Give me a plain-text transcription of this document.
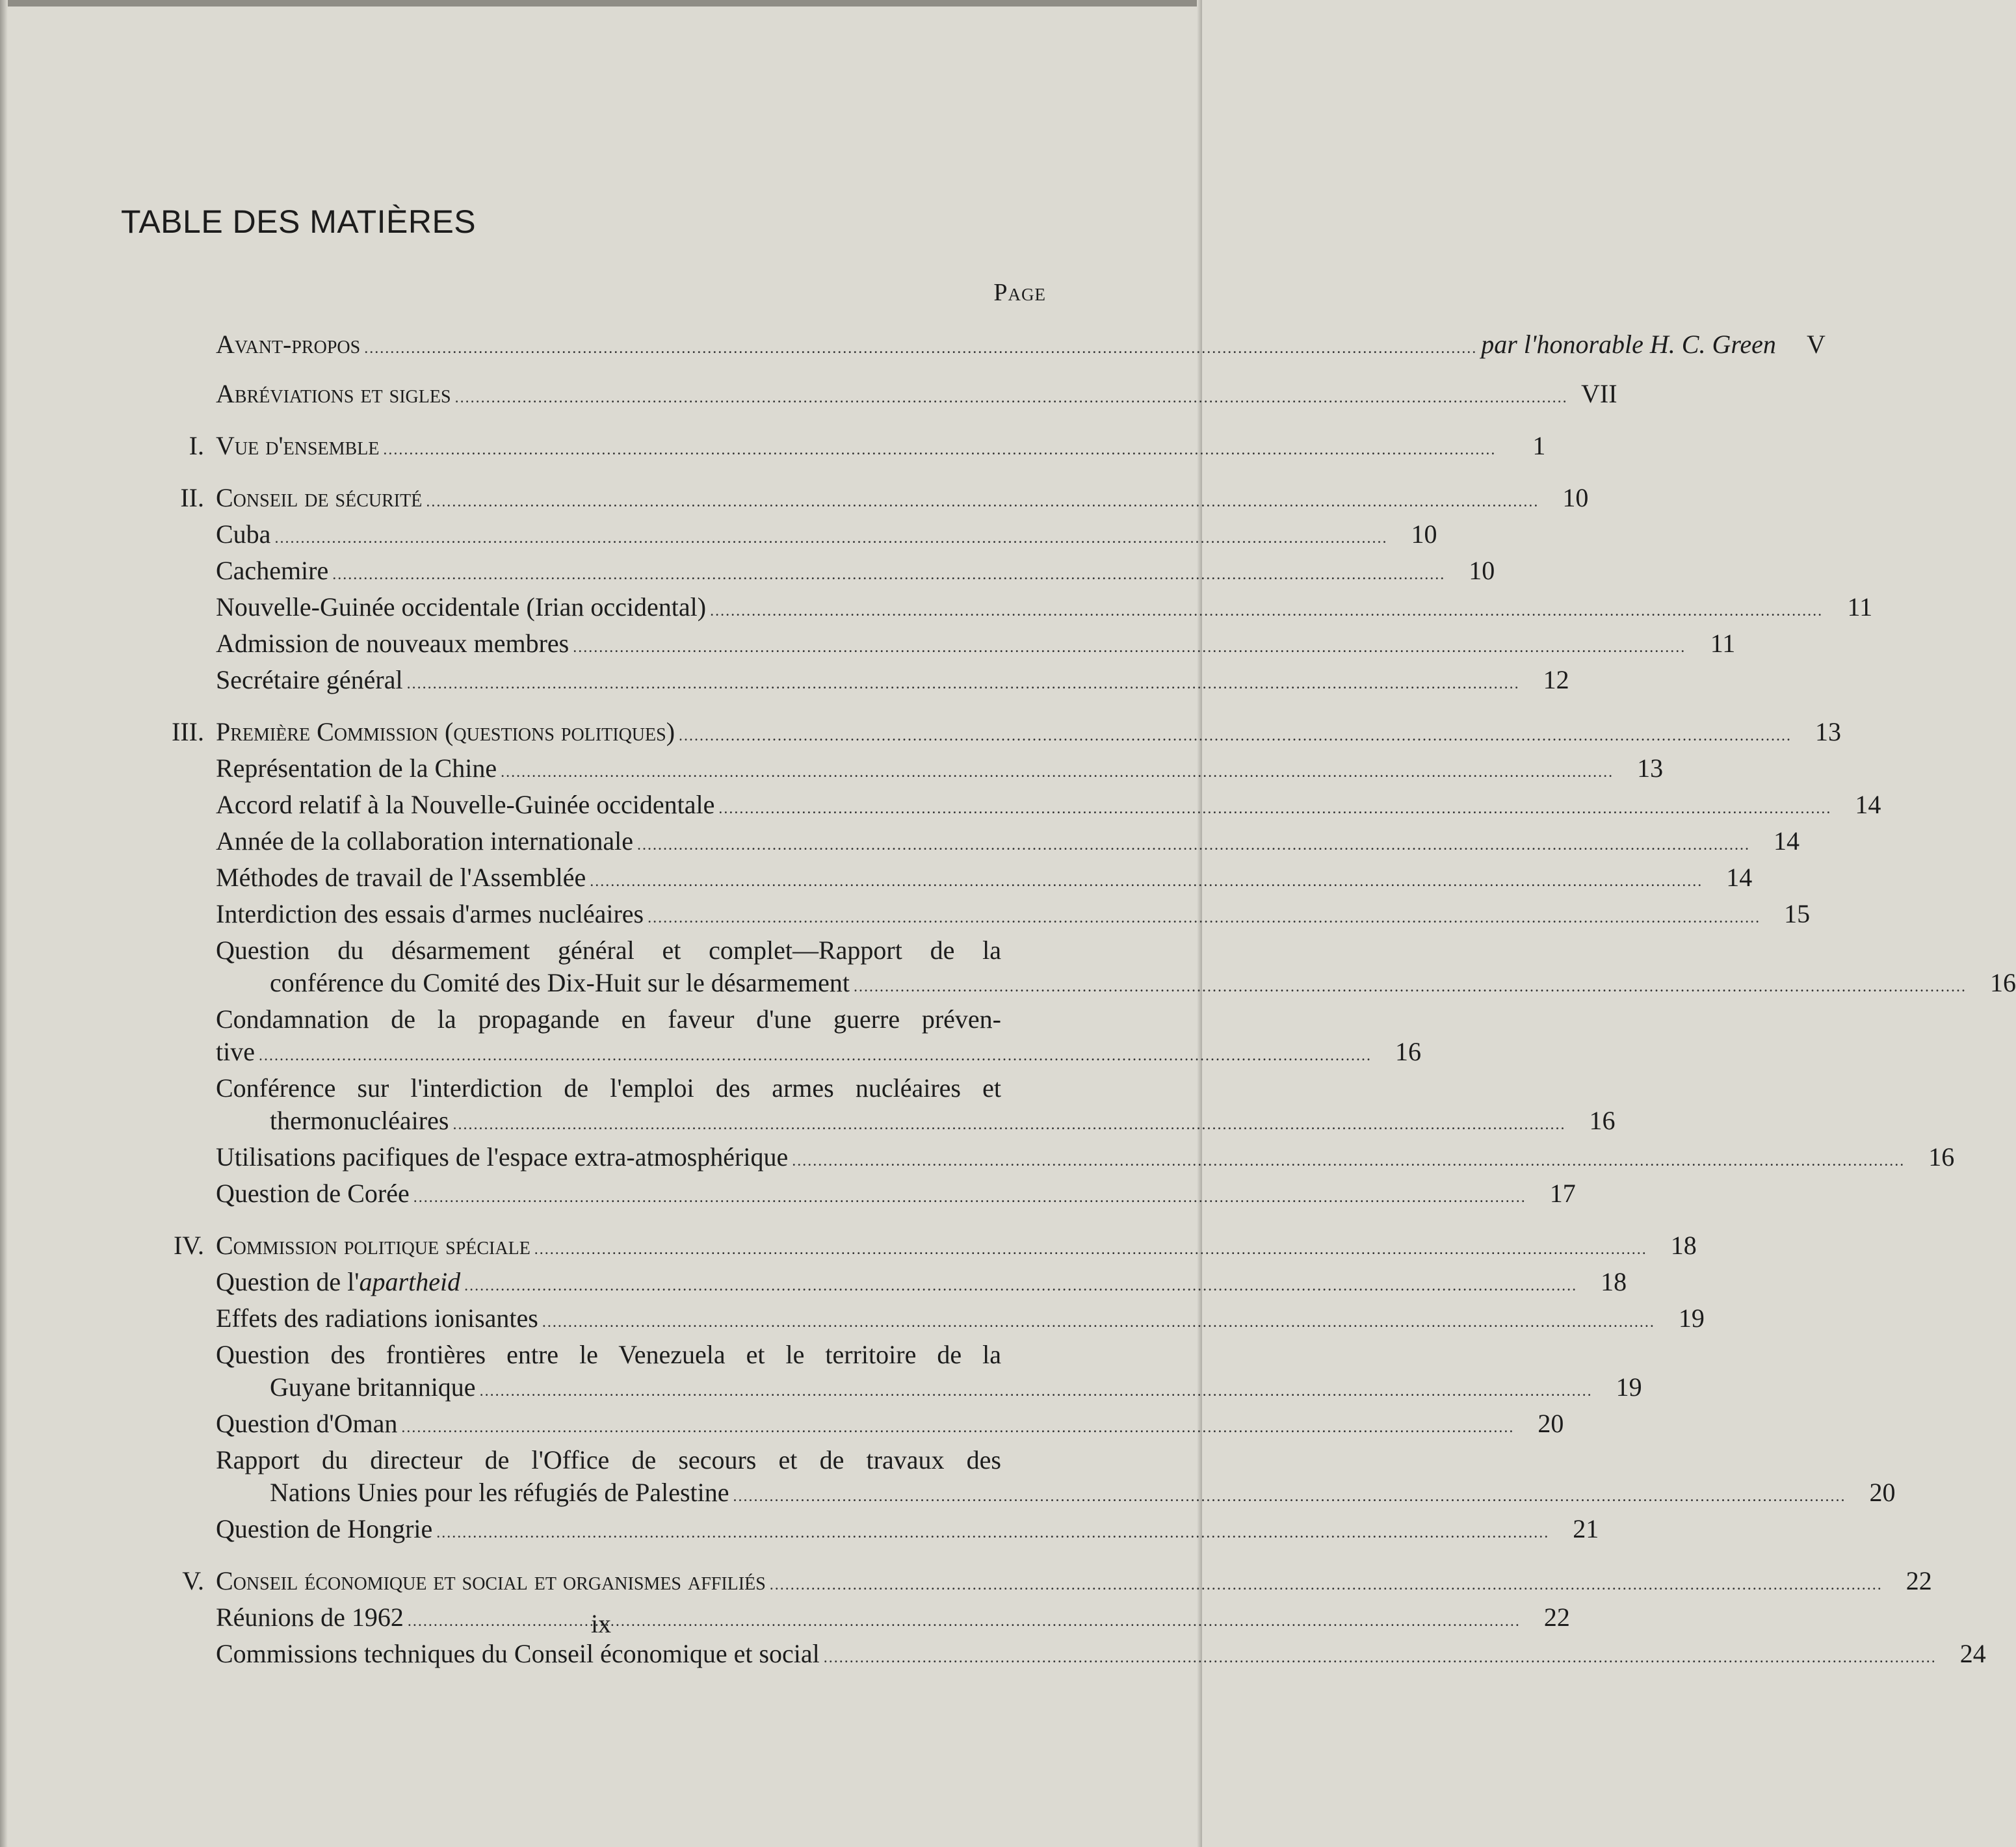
TABLE DES MATIÈRES
Page
Avant-propos .....	par l'honorable H. C. Green	V
Abréviations et sigles .....	VII
I. Vue d'ensemble .....	1
II. Conseil de sécurité .....	10
Cuba .....	10
Cachemire .....	10
Nouvelle-Guinée occidentale (Irian occidental) .....	11
Admission de nouveaux membres .....	11
Secrétaire général .....	12
III. Première Commission (questions politiques) .....	13
Représentation de la Chine .....	13
Accord relatif à la Nouvelle-Guinée occidentale .....	14
Année de la collaboration internationale .....	14
Méthodes de travail de l'Assemblée .....	14
Interdiction des essais d'armes nucléaires .....	15
Question du désarmement général et complet—Rapport de la
conférence du Comité des Dix-Huit sur le désarmement .....	16
Condamnation de la propagande en faveur d'une guerre préven-
tive .....	16
Conférence sur l'interdiction de l'emploi des armes nucléaires et
thermonucléaires .....	16
Utilisations pacifiques de l'espace extra-atmosphérique .....	16
Question de Corée .....	17
IV. Commission politique spéciale .....	18
Question de l' apartheid .....	18
Effets des radiations ionisantes .....	19
Question des frontières entre le Venezuela et le territoire de la
Guyane britannique .....	19
Question d'Oman .....	20
Rapport du directeur de l'Office de secours et de travaux des
Nations Unies pour les réfugiés de Palestine .....	20
Question de Hongrie .....	21
V. Conseil économique et social et organismes affiliés .....	22
Réunions de 1962 .....	22
Commissions techniques du Conseil économique et social .....	24
ix
